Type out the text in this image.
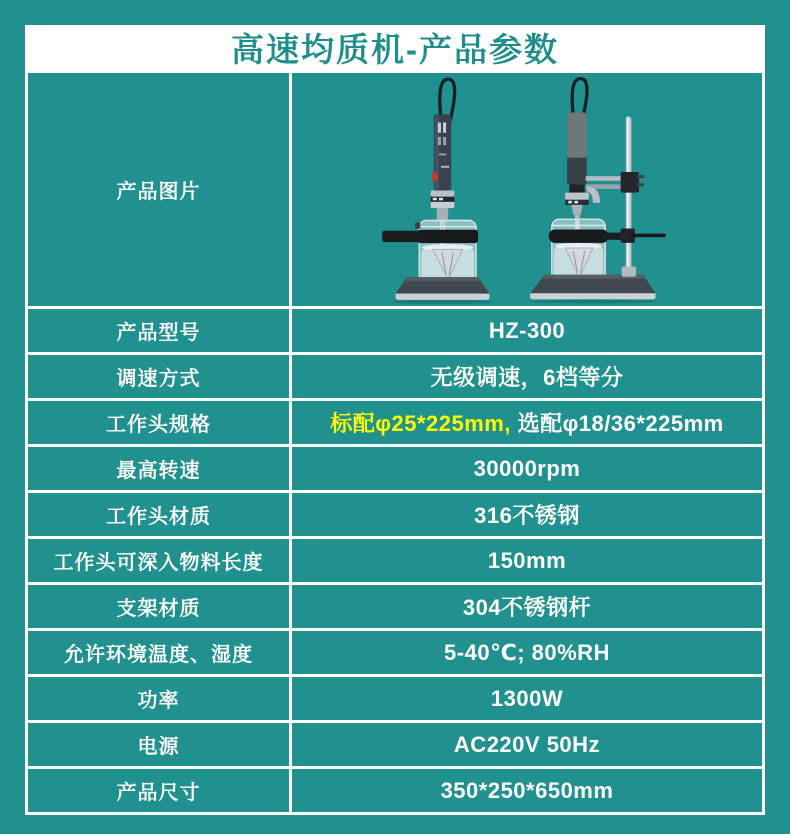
高速均质机-产品参数
产品图片
产品型号	HZ-300
调速方式	无级调速，6档等分
工作头规格	标配φ25*225mm, 选配φ18/36*225mm
最高转速	30000rpm
工作头材质	316不锈钢
工作头可深入物料长度	150mm
支架材质	304不锈钢杆
允许环境温度、湿度	5-40℃; 80%RH
功率	1300W
电源	AC220V 50Hz
产品尺寸	350*250*650mm
